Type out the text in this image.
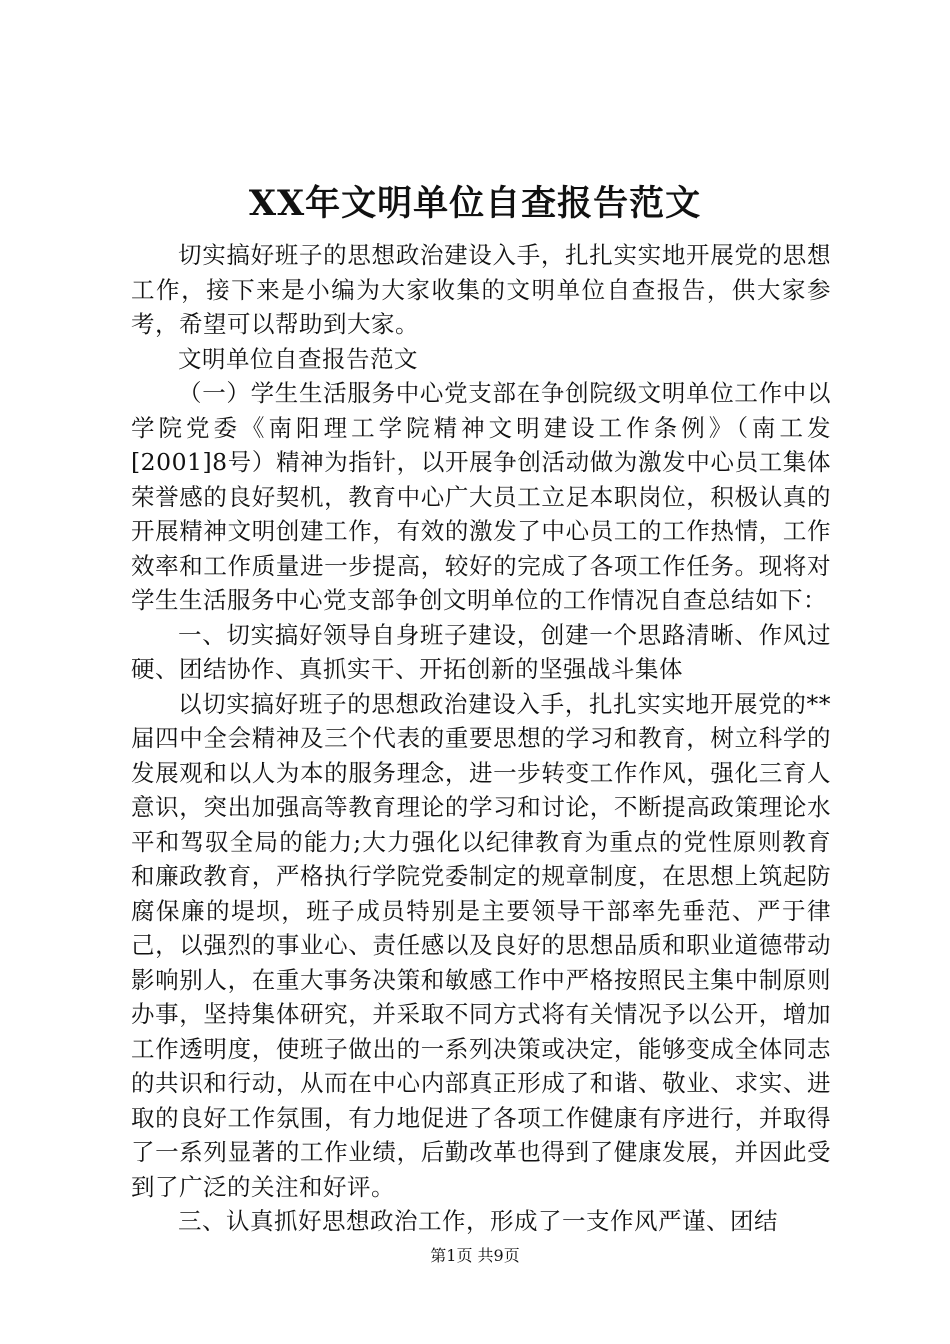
XX年文明单位自查报告范文

切实搞好班子的思想政治建设入手，扎扎实实地开展党的思想工作，接下来是小编为大家收集的文明单位自查报告，供大家参考，希望可以帮助到大家。

文明单位自查报告范文

（一）学生生活服务中心党支部在争创院级文明单位工作中以学院党委《南阳理工学院精神文明建设工作条例》（南工发[2001]8号）精神为指针，以开展争创活动做为激发中心员工集体荣誉感的良好契机，教育中心广大员工立足本职岗位，积极认真的开展精神文明创建工作，有效的激发了中心员工的工作热情，工作效率和工作质量进一步提高，较好的完成了各项工作任务。现将对学生生活服务中心党支部争创文明单位的工作情况自查总结如下：

一、切实搞好领导自身班子建设，创建一个思路清晰、作风过硬、团结协作、真抓实干、开拓创新的坚强战斗集体

以切实搞好班子的思想政治建设入手，扎扎实实地开展党的**届四中全会精神及三个代表的重要思想的学习和教育，树立科学的发展观和以人为本的服务理念，进一步转变工作作风，强化三育人意识，突出加强高等教育理论的学习和讨论，不断提高政策理论水平和驾驭全局的能力;大力强化以纪律教育为重点的党性原则教育和廉政教育，严格执行学院党委制定的规章制度，在思想上筑起防腐保廉的堤坝，班子成员特别是主要领导干部率先垂范、严于律己，以强烈的事业心、责任感以及良好的思想品质和职业道德带动影响别人，在重大事务决策和敏感工作中严格按照民主集中制原则办事，坚持集体研究，并采取不同方式将有关情况予以公开，增加工作透明度，使班子做出的一系列决策或决定，能够变成全体同志的共识和行动，从而在中心内部真正形成了和谐、敬业、求实、进取的良好工作氛围，有力地促进了各项工作健康有序进行，并取得了一系列显著的工作业绩，后勤改革也得到了健康发展，并因此受到了广泛的关注和好评。

三、认真抓好思想政治工作，形成了一支作风严谨、团结

第1页 共9页
